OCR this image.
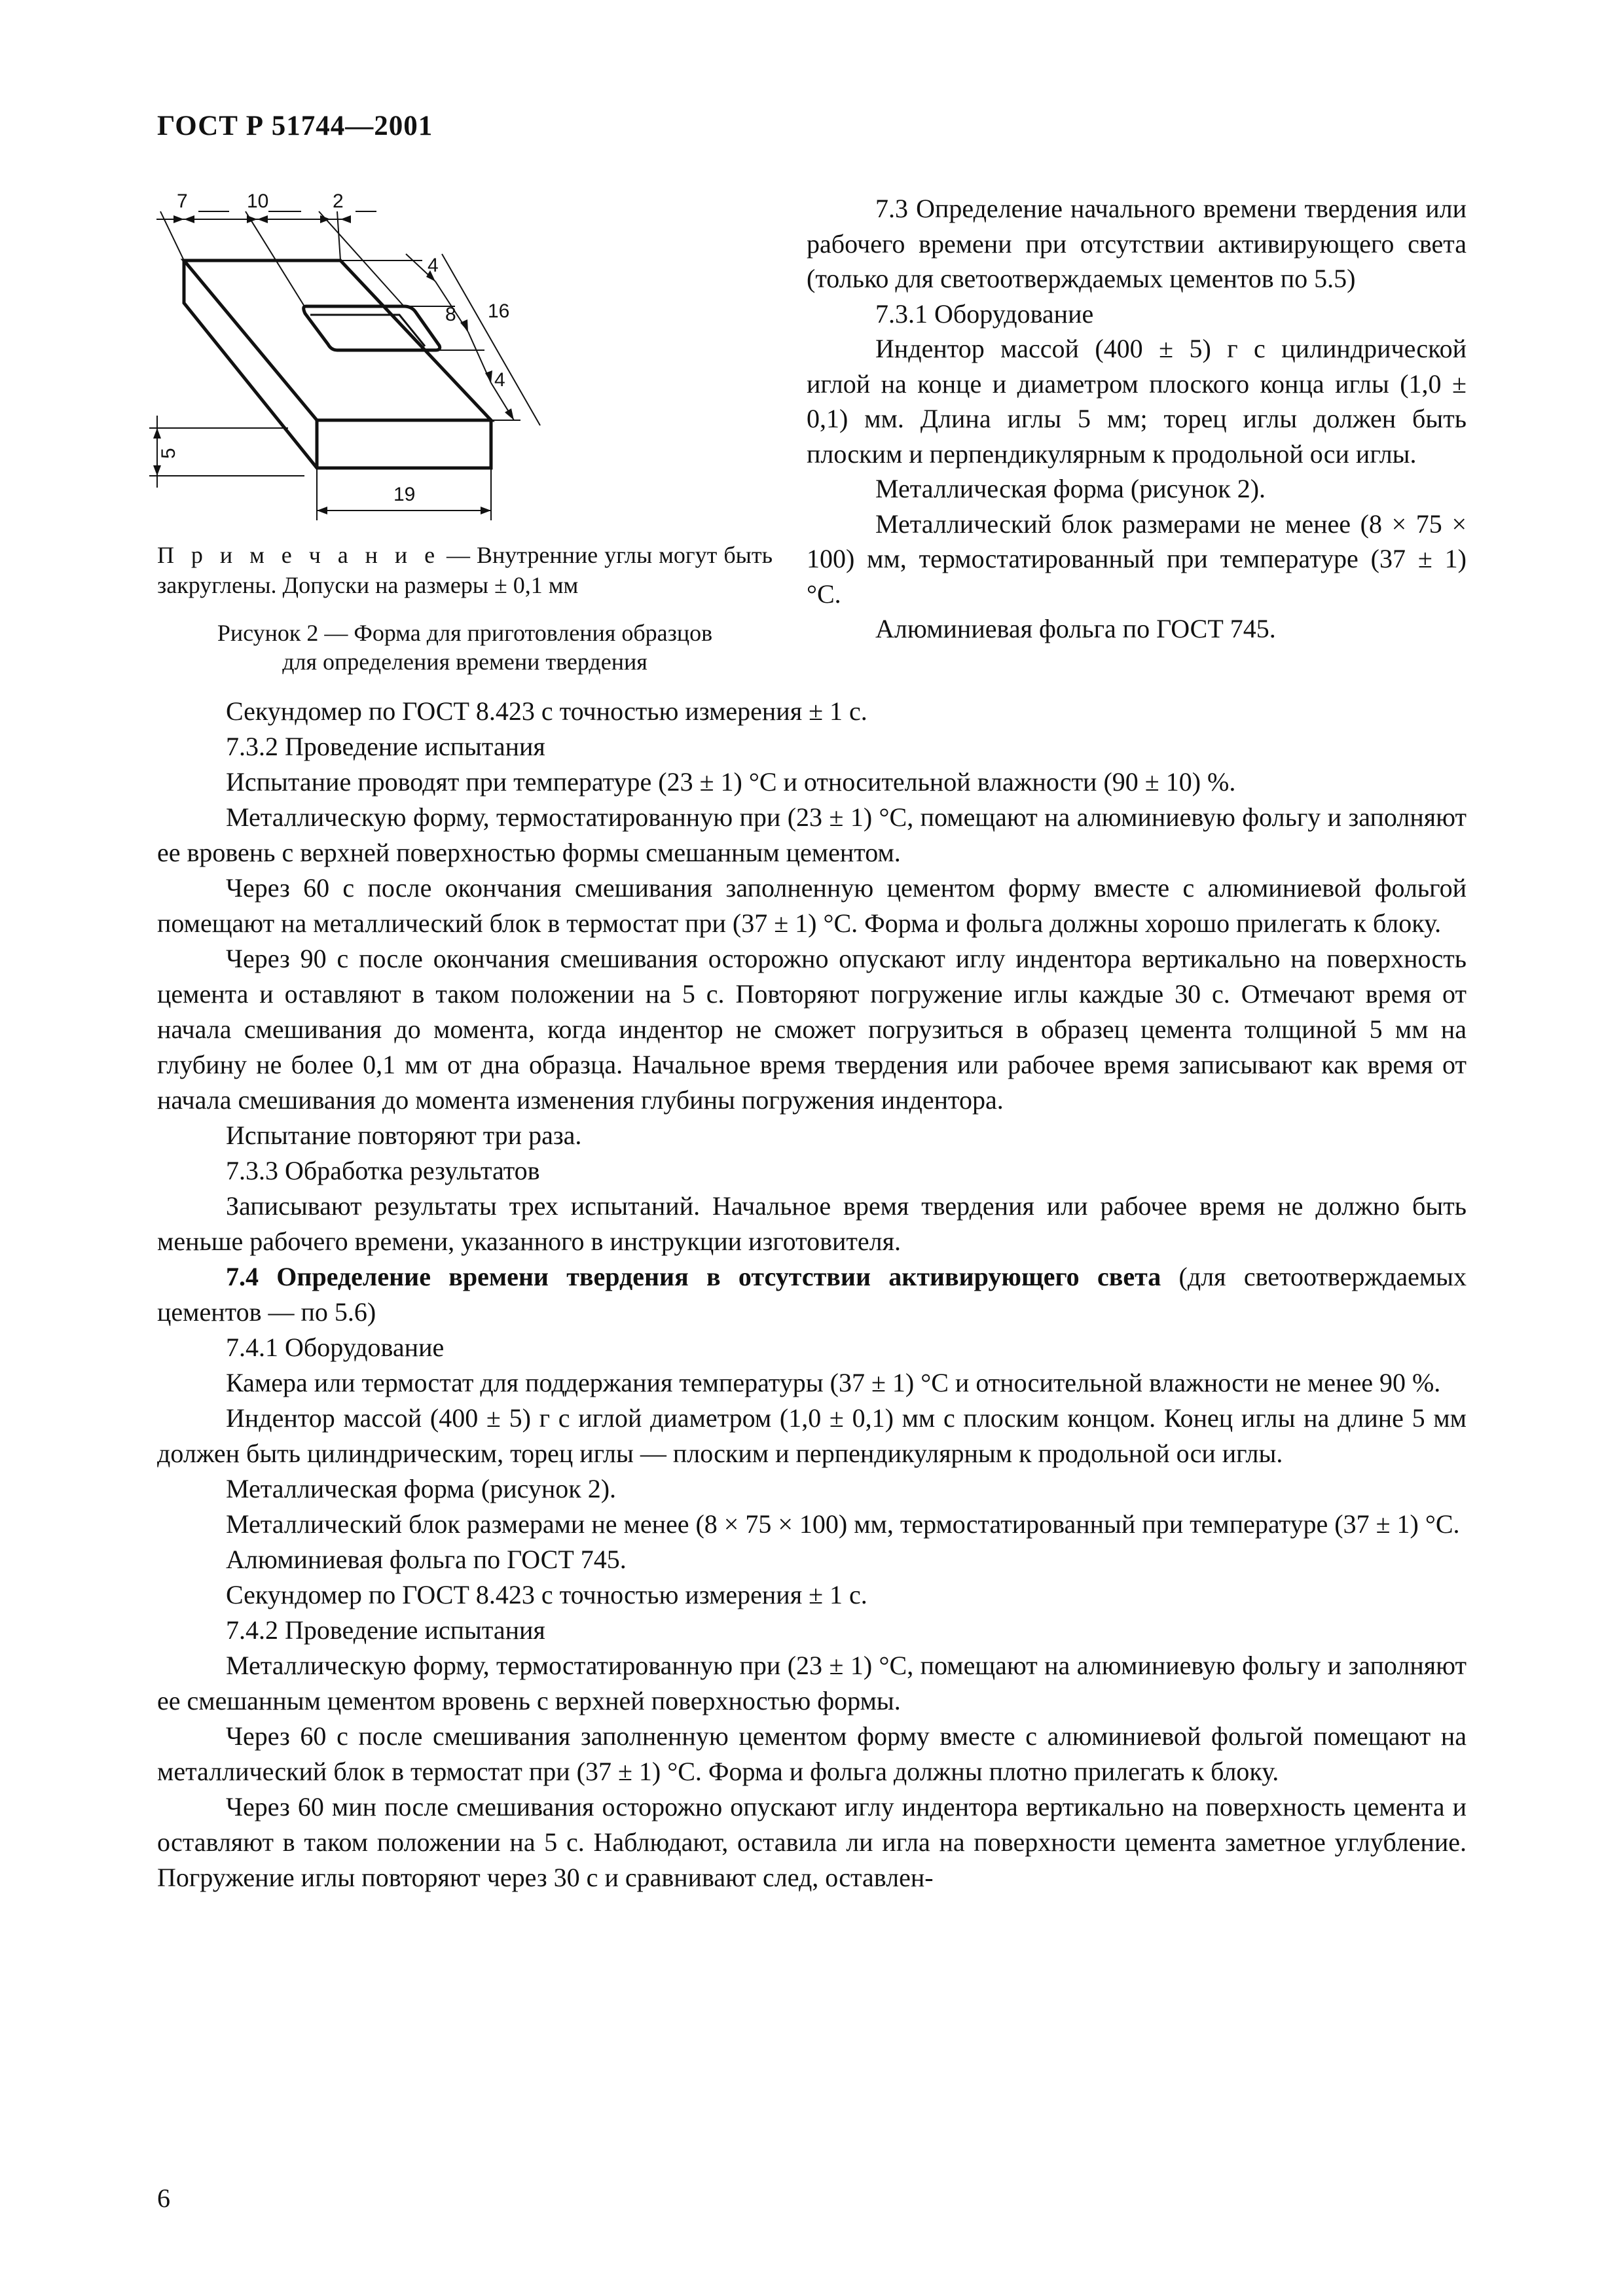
ГОСТ Р 51744—2001
7	10	2
4
8 16
4
5
19
П р и м е ч а н и е — Внутренние углы могут быть закруглены. Допуски на размеры ± 0,1 мм
Рисунок 2 — Форма для приготовления образцов
для определения времени твердения

7.3 Определение начального времени твердения или рабочего времени при отсутствии активирующего света (только для светоотверждаемых цементов по 5.5)

7.3.1 Оборудование

Индентор массой (400 ± 5) г с цилиндрической иглой на конце и диаметром плоского конца иглы (1,0 ± 0,1) мм. Длина иглы 5 мм; торец иглы должен быть плоским и перпендикулярным к продольной оси иглы.

Металлическая форма (рисунок 2).

Металлический блок размерами не менее (8 × 75 × 100) мм, термостатированный при температуре (37 ± 1) °С.

Алюминиевая фольга по ГОСТ 745.

Секундомер по ГОСТ 8.423 с точностью измерения ± 1 с.

7.3.2 Проведение испытания

Испытание проводят при температуре (23 ± 1) °С и относительной влажности (90 ± 10) %.

Металлическую форму, термостатированную при (23 ± 1) °С, помещают на алюминиевую фольгу и заполняют ее вровень с верхней поверхностью формы смешанным цементом.

Через 60 с после окончания смешивания заполненную цементом форму вместе с алюминиевой фольгой помещают на металлический блок в термостат при (37 ± 1) °С. Форма и фольга должны хорошо прилегать к блоку.

Через 90 с после окончания смешивания осторожно опускают иглу индентора вертикально на поверхность цемента и оставляют в таком положении на 5 с. Повторяют погружение иглы каждые 30 с. Отмечают время от начала смешивания до момента, когда индентор не сможет погрузиться в образец цемента толщиной 5 мм на глубину не более 0,1 мм от дна образца. Начальное время твердения или рабочее время записывают как время от начала смешивания до момента изменения глубины погружения индентора.

Испытание повторяют три раза.

7.3.3 Обработка результатов

Записывают результаты трех испытаний. Начальное время твердения или рабочее время не должно быть меньше рабочего времени, указанного в инструкции изготовителя.

7.4 Определение времени твердения в отсутствии активирующего света (для светоотверждаемых цементов — по 5.6)

7.4.1 Оборудование

Камера или термостат для поддержания температуры (37 ± 1) °С и относительной влажности не менее 90 %.

Индентор массой (400 ± 5) г с иглой диаметром (1,0 ± 0,1) мм с плоским концом. Конец иглы на длине 5 мм должен быть цилиндрическим, торец иглы — плоским и перпендикулярным к продольной оси иглы.

Металлическая форма (рисунок 2).

Металлический блок размерами не менее (8 × 75 × 100) мм, термостатированный при температуре (37 ± 1) °С.

Алюминиевая фольга по ГОСТ 745.

Секундомер по ГОСТ 8.423 с точностью измерения ± 1 с.

7.4.2 Проведение испытания

Металлическую форму, термостатированную при (23 ± 1) °С, помещают на алюминиевую фольгу и заполняют ее смешанным цементом вровень с верхней поверхностью формы.

Через 60 с после смешивания заполненную цементом форму вместе с алюминиевой фольгой помещают на металлический блок в термостат при (37 ± 1) °С. Форма и фольга должны плотно прилегать к блоку.

Через 60 мин после смешивания осторожно опускают иглу индентора вертикально на поверхность цемента и оставляют в таком положении на 5 с. Наблюдают, оставила ли игла на поверхности цемента заметное углубление. Погружение иглы повторяют через 30 с и сравнивают след, оставлен-

6
